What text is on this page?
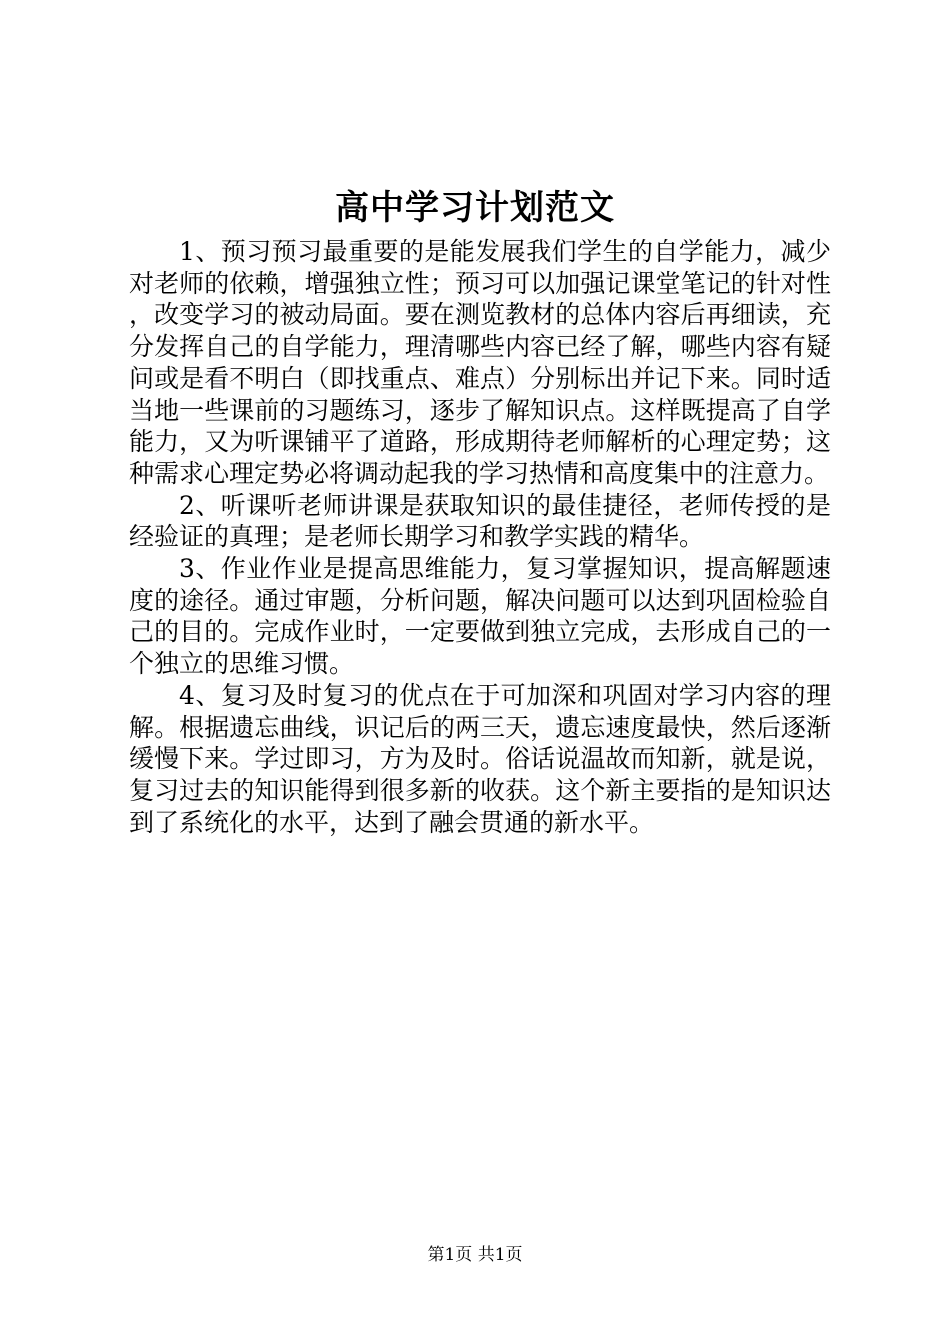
高中学习计划范文

1、预习预习最重要的是能发展我们学生的自学能力，减少对老师的依赖，增强独立性；预习可以加强记课堂笔记的针对性，改变学习的被动局面。要在测览教材的总体内容后再细读，充分发挥自己的自学能力，理清哪些内容已经了解，哪些内容有疑问或是看不明白（即找重点、难点）分别标出并记下来。同时适当地一些课前的习题练习，逐步了解知识点。这样既提高了自学能力，又为听课铺平了道路，形成期待老师解析的心理定势；这种需求心理定势必将调动起我的学习热情和高度集中的注意力。

2、听课听老师讲课是获取知识的最佳捷径，老师传授的是经验证的真理；是老师长期学习和教学实践的精华。

3、作业作业是提高思维能力，复习掌握知识，提高解题速度的途径。通过审题，分析问题，解决问题可以达到巩固检验自己的目的。完成作业时，一定要做到独立完成，去形成自己的一个独立的思维习惯。

4、复习及时复习的优点在于可加深和巩固对学习内容的理解。根据遗忘曲线，识记后的两三天，遗忘速度最快，然后逐渐缓慢下来。学过即习，方为及时。俗话说温故而知新，就是说，复习过去的知识能得到很多新的收获。这个新主要指的是知识达到了系统化的水平，达到了融会贯通的新水平。

第1页 共1页
